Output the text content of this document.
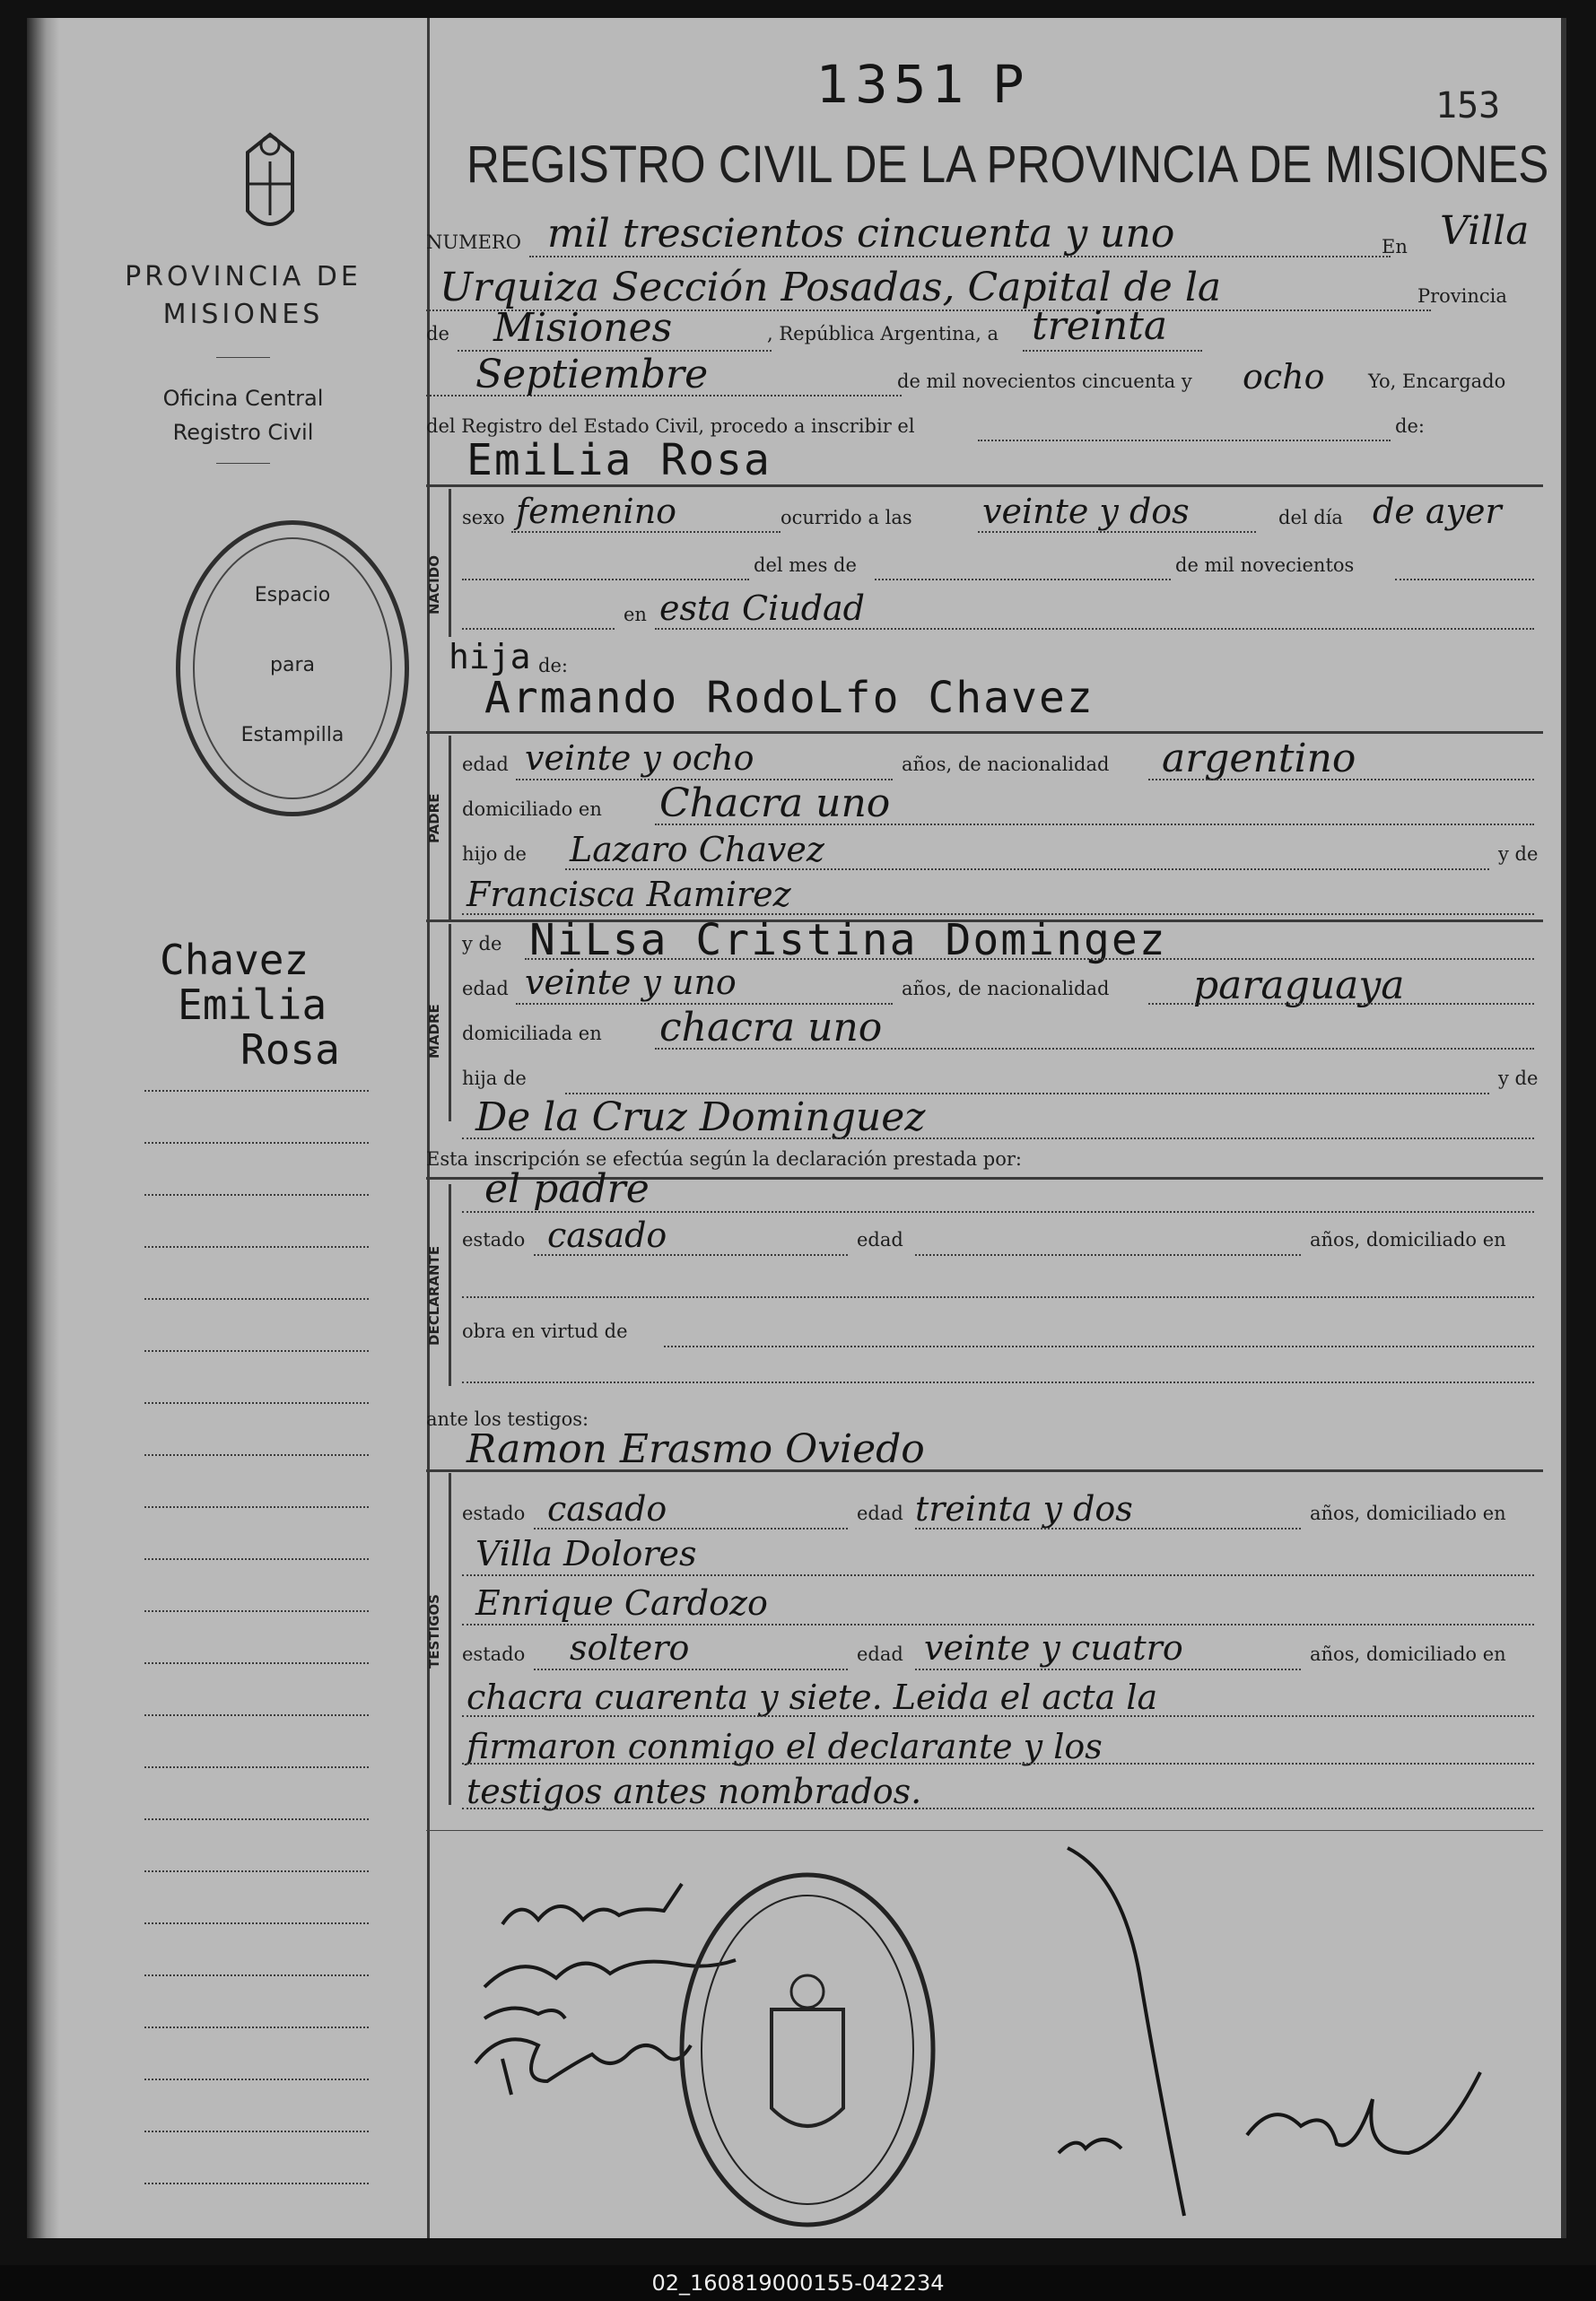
PROVINCIA DE
MISIONES
Oficina Central
Registro Civil
Espacio
para
Estampilla
Chavez
Emilia
Rosa
1351 P	153
REGISTRO CIVIL DE LA PROVINCIA DE MISIONES
NUMERO mil trescientos cincuenta y uno	En Villa
Urquiza Sección Posadas, Capital de la	Provincia
de Misiones	, República Argentina, a treinta
Septiembre	de mil novecientos cincuenta y ocho Yo, Encargado
del Registro del Estado Civil, procedo a inscribir el	de:
EmiLia Rosa
NACIDO
sexo femenino	ocurrido a las veinte y dos	del día de ayer
del mes de	de mil novecientos
en esta Ciudad
hija de:
Armando RodoLfo Chavez
PADRE
edad veinte y ocho	años, de nacionalidad argentino
domiciliado en Chacra uno
hijo de Lazaro Chavez	y de
Francisca Ramirez
y de NiLsa Cristina Domingez
MADRE
edad veinte y uno	años, de nacionalidad paraguaya
domiciliada en chacra uno
hija de	y de
De la Cruz Dominguez
Esta inscripción se efectúa según la declaración prestada por:
el padre
DECLARANTE
estado casado	edad	años, domiciliado en
obra en virtud de
ante los testigos:
Ramon Erasmo Oviedo
TESTIGOS
estado casado	edad treinta y dos	años, domiciliado en
Villa Dolores
Enrique Cardozo
estado soltero	edad veinte y cuatro	años, domiciliado en
chacra cuarenta y siete. Leida el acta la
firmaron conmigo el declarante y los
testigos antes nombrados.
02_160819000155-042234
